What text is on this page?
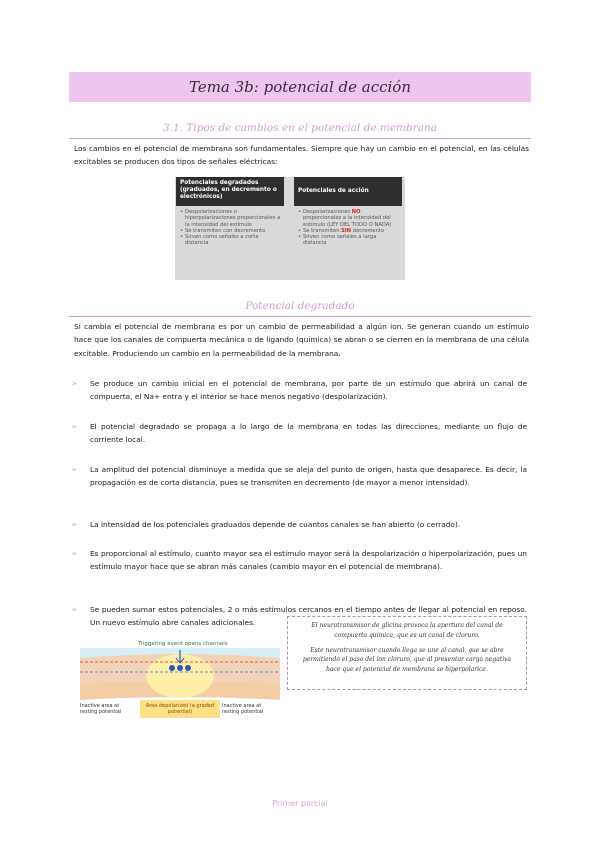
Tema 3b: potencial de acción
3.1. Tipos de cambios en el potencial de membrana
Los cambios en el potencial de membrana son fundamentales. Siempre que hay un cambio en el potencial, en las células excitables se producen dos tipos de señales eléctricas:
Potenciales degradados (graduados, en decremento o electrónicos)
• Despolarizaciones o hiperpolarizaciones proporcionales a la intensidad del estímulo
• Se transmiten con decremento
• Sirven como señales a corta distancia
Potenciales de acción
• Despolarizaciones NO proporcionales a la intensidad del estímulo (LEY DEL TODO O NADA)
• Se transmiten SIN decremento
• Sirven como señales a larga distancia
Potencial degradado
Si cambia el potencial de membrana es por un cambio de permeabilidad a algún ion. Se generan cuando un estímulo hace que los canales de compuerta mecánica o de ligando (química) se abran o se cierren en la membrana de una célula excitable. Produciendo un cambio en la permeabilidad de la membrana.
➢ Se produce un cambio inicial en el potencial de membrana, por parte de un estímulo que abrirá un canal de compuerta, el Na+ entra y el interior se hace menos negativo (despolarización).
➢ El potencial degradado se propaga a lo largo de la membrana en todas las direcciones, mediante un flujo de corriente local.
➢ La amplitud del potencial disminuye a medida que se aleja del punto de origen, hasta que desaparece. Es decir, la propagación es de corta distancia, pues se transmiten en decremento (de mayor a menor intensidad).
➢ La intensidad de los potenciales graduados depende de cuantos canales se han abierto (o cerrado).
➢ Es proporcional al estímulo, cuanto mayor sea el estímulo mayor será la despolarización o hiperpolarización, pues un estímulo mayor hace que se abran más canales (cambio mayor en el potencial de membrana).
➢ Se pueden sumar estos potenciales, 2 o más estímulos cercanos en el tiempo antes de llegar al potencial en reposo. Un nuevo estímulo abre canales adicionales.
Triggering event opens channels
Inactive area at resting potential
Area depolarized (a graded potential)
Inactive area at resting potential

El neurotransmisor de glicina provoca la apertura del canal de compuerta química, que es un canal de cloruro.

Este neurotransmisor cuando llega se une al canal, que se abre permitiendo el paso del ion cloruro, que al presentar carga negativa hace que el potencial de membrana se hiperpolarice.

Primer parcial
